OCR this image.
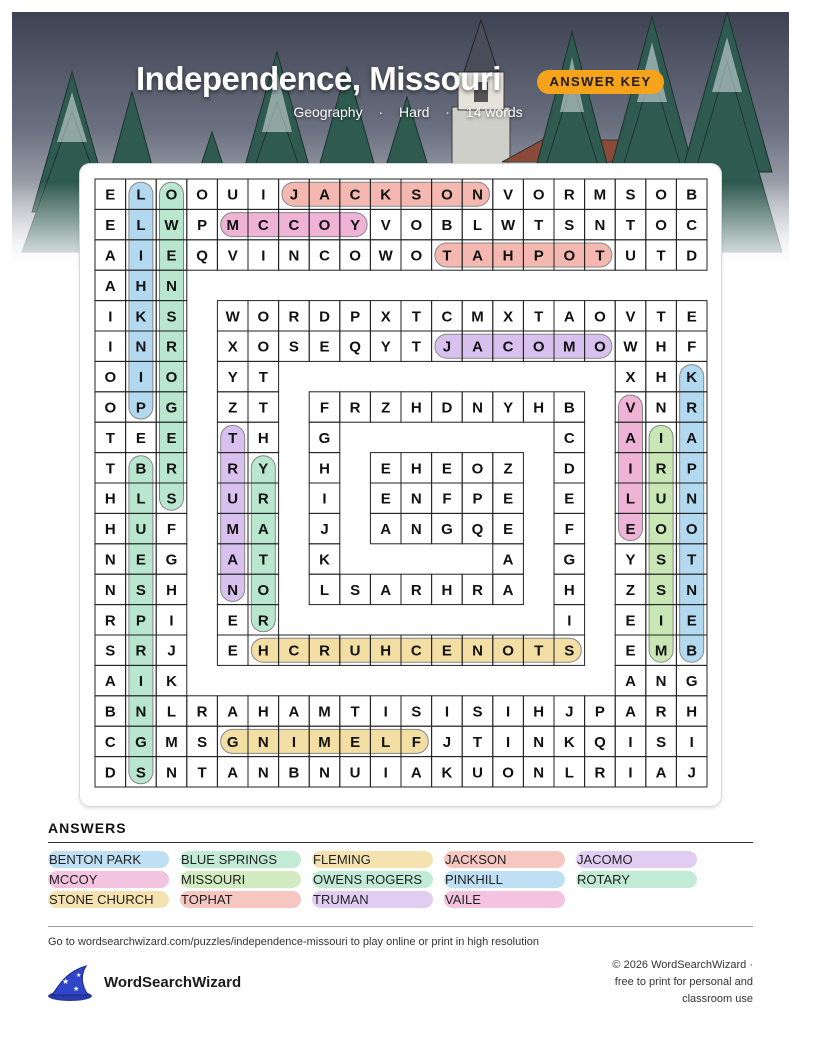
Independence, Missouri	ANSWER KEY
Geography · Hard · 14 words
E L O O U I J A C K S O N V O R M S O B
E L W P M C C O Y V O B L W T S N T O C
A I E Q V I N C O W O T A H P O T U T D
A H N
I K S	W O R D P X T C M X T A O V T E
I N R	X O S E Q Y T J A C O M O W H F
O I O	Y T	X H K
O P G	Z T	F R Z H D N Y H B	V N R
T E E	T H	G	C	A I A
T B R	R Y	H	E H E O Z	D	I R P
H L S	U R	I	E N F P E	E	L U N
H U F	M A	J	A N G Q E	F	E O O
N E G	A T	K	A	G	Y S T
N S H	N O	L S A R H R A	H	Z S N
R P I	E R	I	E I E
S R J	E H C R U H C E N O T S	E M B
A I K	A N G
B N L R A H A M T I S I S I H J P A R H
C G M S G N I M E L F J T I N K Q I S I
D S N T A N B N U I A K U O N L R I A J
ANSWERS
BENTON PARK	BLUE SPRINGS	FLEMING	JACKSON	JACOMO
MCCOY	MISSOURI	OWENS ROGERS	PINKHILL	ROTARY
STONE CHURCH	TOPHAT	TRUMAN	VAILE
Go to wordsearchwizard.com/puzzles/independence-missouri to play online or print in high resolution
★
★
★ WordSearchWizard
© 2026 WordSearchWizard ·
free to print for personal and
classroom use
